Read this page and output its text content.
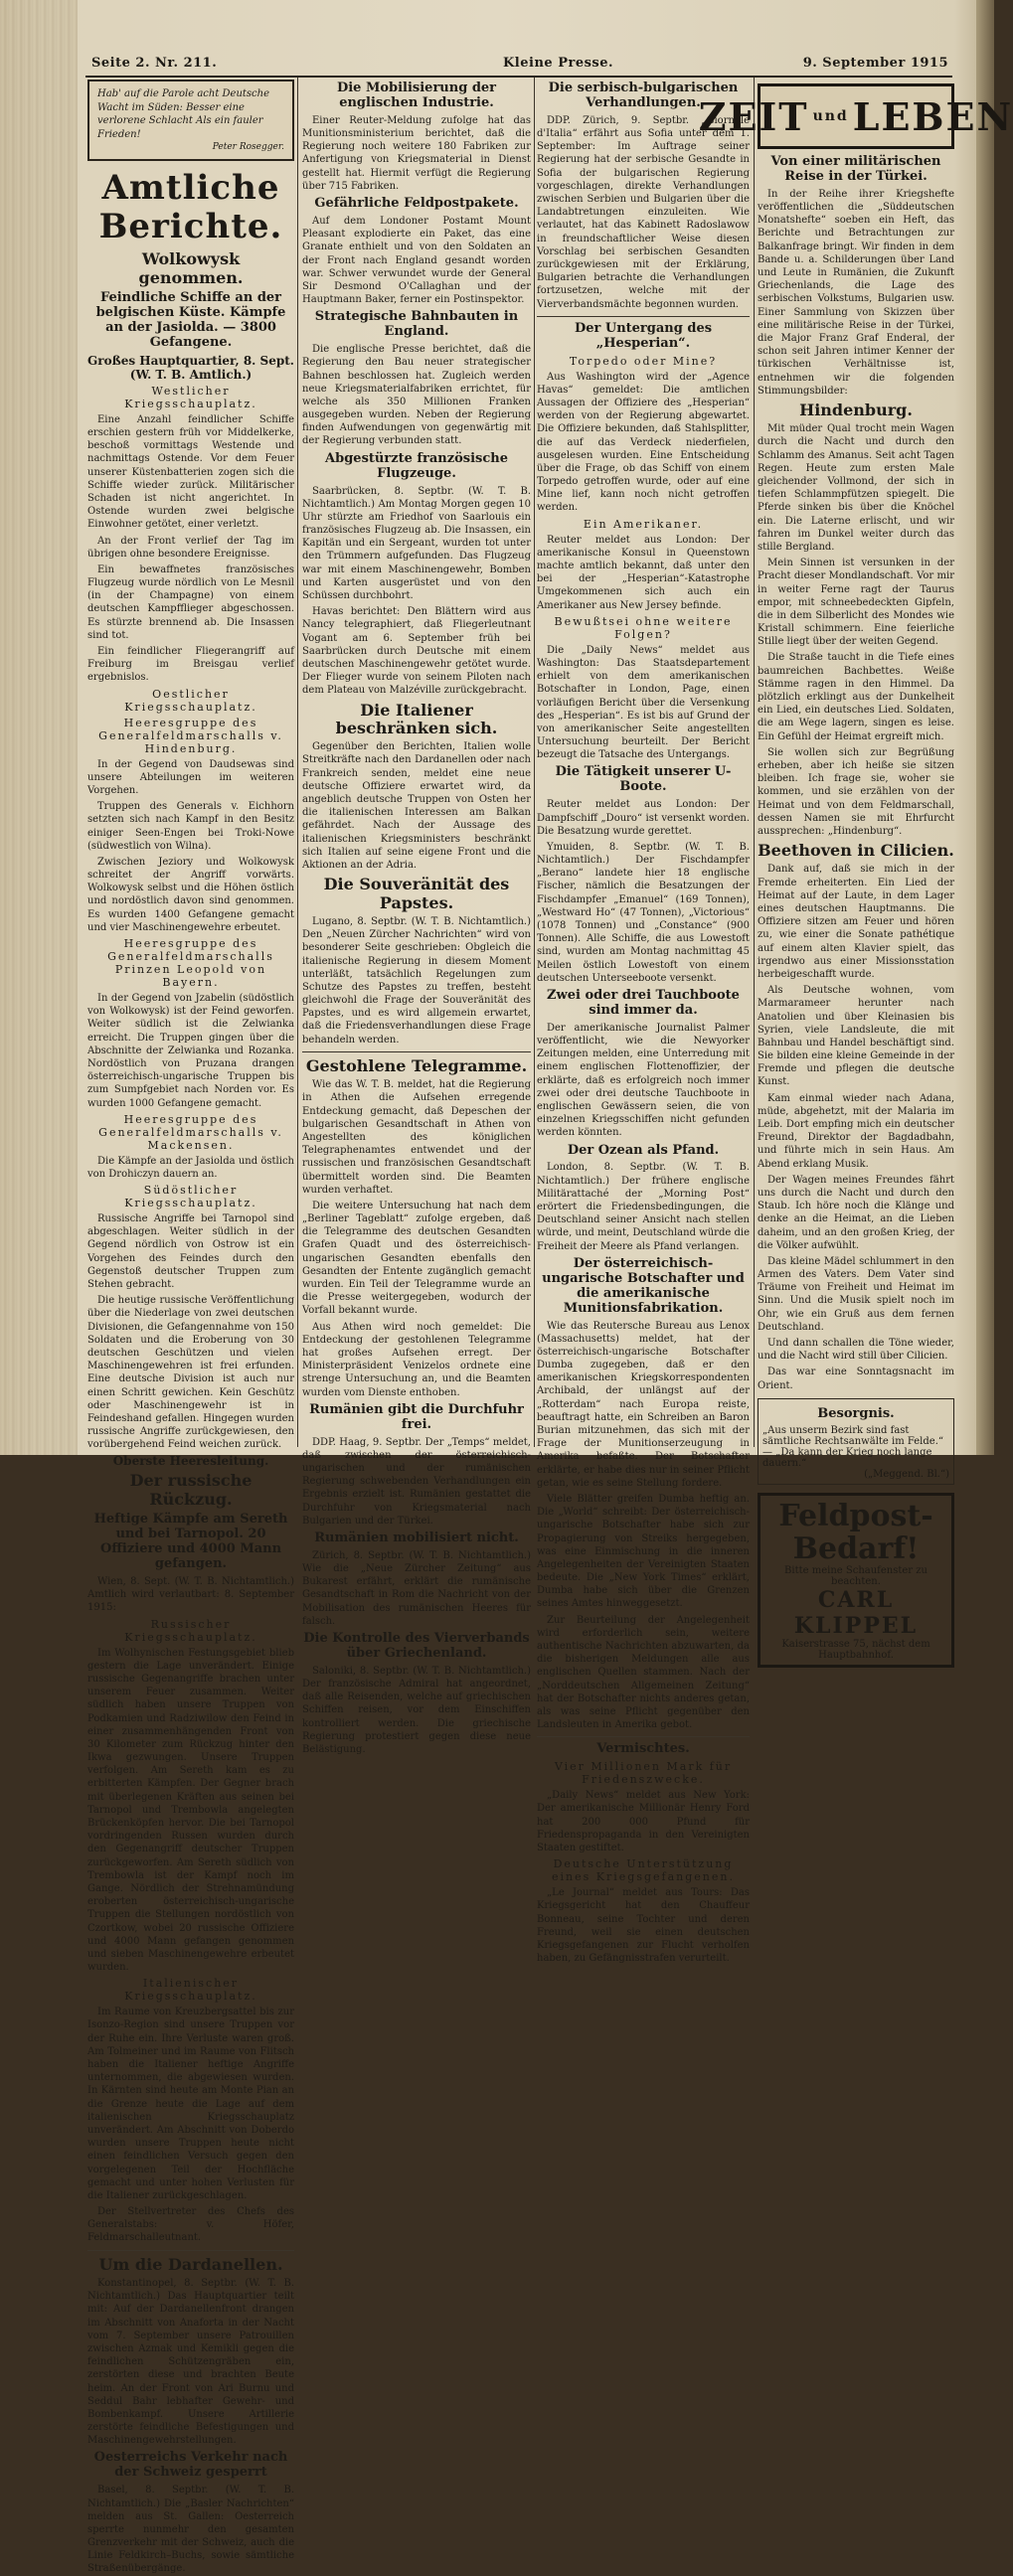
Seite 2. Nr. 211.	Kleine Presse.	9. September 1915
Hab' auf die Parole acht Deutsche Wacht im Süden: Besser eine verlorene Schlacht Als ein fauler Frieden!
Peter Rosegger.
Amtliche Berichte.
Wolkowysk genommen.
Feindliche Schiffe an der belgischen Küste. Kämpfe an der Jasiolda. — 3800 Gefangene.
Großes Hauptquartier, 8. Sept. (W. T. B. Amtlich.)
Westlicher Kriegsschauplatz.

Eine Anzahl feindlicher Schiffe erschien gestern früh vor Middelkerke, beschoß vormittags Westende und nachmittags Ostende. Vor dem Feuer unserer Küstenbatterien zogen sich die Schiffe wieder zurück. Militärischer Schaden ist nicht angerichtet. In Ostende wurden zwei belgische Einwohner getötet, einer verletzt.

An der Front verlief der Tag im übrigen ohne besondere Ereignisse.

Ein bewaffnetes französisches Flugzeug wurde nördlich von Le Mesnil (in der Champagne) von einem deutschen Kampfflieger abgeschossen. Es stürzte brennend ab. Die Insassen sind tot.

Ein feindlicher Fliegerangriff auf Freiburg im Breisgau verlief ergebnislos.

Oestlicher Kriegsschauplatz.
Heeresgruppe des Generalfeldmarschalls v. Hindenburg.

In der Gegend von Daudsewas sind unsere Abteilungen im weiteren Vorgehen.

Truppen des Generals v. Eichhorn setzten sich nach Kampf in den Besitz einiger Seen-Engen bei Troki-Nowe (südwestlich von Wilna).

Zwischen Jeziory und Wolkowysk schreitet der Angriff vorwärts. Wolkowysk selbst und die Höhen östlich und nordöstlich davon sind genommen. Es wurden 1400 Gefangene gemacht und vier Maschinengewehre erbeutet.

Heeresgruppe des Generalfeldmarschalls Prinzen Leopold von Bayern.

In der Gegend von Jzabelin (südöstlich von Wolkowysk) ist der Feind geworfen. Weiter südlich ist die Zelwianka erreicht. Die Truppen gingen über die Abschnitte der Zelwianka und Rozanka. Nordöstlich von Pruzana drangen österreichisch-ungarische Truppen bis zum Sumpfgebiet nach Norden vor. Es wurden 1000 Gefangene gemacht.

Heeresgruppe des Generalfeldmarschalls v. Mackensen.

Die Kämpfe an der Jasiolda und östlich von Drohiczyn dauern an.

Südöstlicher Kriegsschauplatz.

Russische Angriffe bei Tarnopol sind abgeschlagen. Weiter südlich in der Gegend nördlich von Ostrow ist ein Vorgehen des Feindes durch den Gegenstoß deutscher Truppen zum Stehen gebracht.

Die heutige russische Veröffentlichung über die Niederlage von zwei deutschen Divisionen, die Gefangennahme von 150 Soldaten und die Eroberung von 30 deutschen Geschützen und vielen Maschinengewehren ist frei erfunden. Eine deutsche Division ist auch nur einen Schritt gewichen. Kein Geschütz oder Maschinengewehr ist in Feindeshand gefallen. Hingegen wurden russische Angriffe zurückgewiesen, den vorübergehend Feind weichen zurück.

Oberste Heeresleitung.
Der russische Rückzug.
Heftige Kämpfe am Sereth und bei Tarnopol. 20 Offiziere und 4000 Mann gefangen.

Wien, 8. Sept. (W. T. B. Nichtamtlich.) Amtlich wird verlautbart: 8. September 1915:

Russischer Kriegsschauplatz.

Im Wolhynischen Festungsgebiet blieb gestern die Lage unverändert. Einige russische Gegenangriffe brachen unter unserem Feuer zusammen. Weiter südlich haben unsere Truppen von Podkamien und Radziwilow den Feind in einer zusammenhängenden Front von 30 Kilometer zum Rückzug hinter den Ikwa gezwungen. Unsere Truppen verfolgen. Am Sereth kam es zu erbitterten Kämpfen. Der Gegner brach mit überlegenen Kräften aus seinen bei Tarnopol und Trembowla angelegten Brückenköpfen hervor. Die bei Tarnopol vordringenden Russen wurden durch den Gegenangriff deutscher Truppen zurückgeworfen. Am Sereth südlich von Trembowla ist der Kampf noch im Gange. Nördlich der Strehnamündung eroberten österreichisch-ungarische Truppen die Stellungen nordöstlich von Czortkow, wobei 20 russische Offiziere und 4000 Mann gefangen genommen und sieben Maschinengewehre erbeutet wurden.

Italienischer Kriegsschauplatz.

Im Raume von Kreuzbergsattel bis zur Isonzo-Region sind unsere Truppen vor der Ruhe ein. Ihre Verluste waren groß. Am Tolmeiner und im Raume von Flitsch haben die Italiener heftige Angriffe unternommen, die abgewiesen wurden. In Kärnten sind heute am Monte Pian an die Grenze heute die Lage auf dem italienischen Kriegsschauplatz unverändert. Am Abschnitt von Doberdo wurden unsere Truppen heute nicht einen feindlichen Versuch gegen den vorgelegenen Teil der Hochfläche gemacht und unter hohen Verlusten für die Italiener zurückgeschlagen.

Der Stellvertreter des Chefs des Generalstabs: v. Höfer, Feldmarschalleutnant.

Um die Dardanellen.

Konstantinopel, 8. Septbr. (W. T. B. Nichtamtlich.) Das Hauptquartier teilt mit: Auf der Dardanellenfront drangen im Abschnitt von Anaforta in der Nacht vom 7. September unsere Patrouillen zwischen Azmak und Kemikli gegen die feindlichen Schützengräben ein, zerstörten diese und brachten Beute heim. An der Front von Ari Burnu und Seddul Bahr lebhafter Gewehr- und Bombenkampf. Unsere Artillerie zerstörte feindliche Befestigungen und Maschinengewehrstellungen.

Oesterreichs Verkehr nach der Schweiz gesperrt

Basel, 8. Septbr. (W. T. B. Nichtamtlich.) Die „Basler Nachrichten“ melden aus St. Gallen: Oesterreich sperrte nunmehr den gesamten Grenzverkehr mit der Schweiz, auch die Linie Feldkirch–Buchs, sowie sämtliche Straßenübergänge.

Die Mobilisierung der englischen Industrie.

Einer Reuter-Meldung zufolge hat das Munitionsministerium berichtet, daß die Regierung noch weitere 180 Fabriken zur Anfertigung von Kriegsmaterial in Dienst gestellt hat. Hiermit verfügt die Regierung über 715 Fabriken.

Gefährliche Feldpostpakete.

Auf dem Londoner Postamt Mount Pleasant explodierte ein Paket, das eine Granate enthielt und von den Soldaten an der Front nach England gesandt worden war. Schwer verwundet wurde der General Sir Desmond O'Callaghan und der Hauptmann Baker, ferner ein Postinspektor.

Strategische Bahnbauten in England.

Die englische Presse berichtet, daß die Regierung den Bau neuer strategischer Bahnen beschlossen hat. Zugleich werden neue Kriegsmaterialfabriken errichtet, für welche als 350 Millionen Franken ausgegeben wurden. Neben der Regierung finden Aufwendungen von gegenwärtig mit der Regierung verbunden statt.

Abgestürzte französische Flugzeuge.

Saarbrücken, 8. Septbr. (W. T. B. Nichtamtlich.) Am Montag Morgen gegen 10 Uhr stürzte am Friedhof von Saarlouis ein französisches Flugzeug ab. Die Insassen, ein Kapitän und ein Sergeant, wurden tot unter den Trümmern aufgefunden. Das Flugzeug war mit einem Maschinengewehr, Bomben und Karten ausgerüstet und von den Schüssen durchbohrt.

Havas berichtet: Den Blättern wird aus Nancy telegraphiert, daß Fliegerleutnant Vogant am 6. September früh bei Saarbrücken durch Deutsche mit einem deutschen Maschinengewehr getötet wurde. Der Flieger wurde von seinem Piloten nach dem Plateau von Malzéville zurückgebracht.

Die Italiener beschränken sich.

Gegenüber den Berichten, Italien wolle Streitkräfte nach den Dardanellen oder nach Frankreich senden, meldet eine neue deutsche Offiziere erwartet wird, da angeblich deutsche Truppen von Osten her die italienischen Interessen am Balkan gefährdet. Nach der Aussage des italienischen Kriegsministers beschränkt sich Italien auf seine eigene Front und die Aktionen an der Adria.

Die Souveränität des Papstes.

Lugano, 8. Septbr. (W. T. B. Nichtamtlich.) Den „Neuen Zürcher Nachrichten“ wird von besonderer Seite geschrieben: Obgleich die italienische Regierung in diesem Moment unterläßt, tatsächlich Regelungen zum Schutze des Papstes zu treffen, besteht gleichwohl die Frage der Souveränität des Papstes, und es wird allgemein erwartet, daß die Friedensverhandlungen diese Frage behandeln werden.

Gestohlene Telegramme.

Wie das W. T. B. meldet, hat die Regierung in Athen die Aufsehen erregende Entdeckung gemacht, daß Depeschen der bulgarischen Gesandtschaft in Athen von Angestellten des königlichen Telegraphenamtes entwendet und der russischen und französischen Gesandtschaft übermittelt worden sind. Die Beamten wurden verhaftet.

Die weitere Untersuchung hat nach dem „Berliner Tageblatt“ zufolge ergeben, daß die Telegramme des deutschen Gesandten Grafen Quadt und des österreichisch-ungarischen Gesandten ebenfalls den Gesandten der Entente zugänglich gemacht wurden. Ein Teil der Telegramme wurde an die Presse weitergegeben, wodurch der Vorfall bekannt wurde.

Aus Athen wird noch gemeldet: Die Entdeckung der gestohlenen Telegramme hat großes Aufsehen erregt. Der Ministerpräsident Venizelos ordnete eine strenge Untersuchung an, und die Beamten wurden vom Dienste enthoben.

Rumänien gibt die Durchfuhr frei.

DDP. Haag, 9. Septbr. Der „Temps“ meldet, daß zwischen der österreichisch-ungarischen und der rumänischen Regierung schwebenden Verhandlungen ein Ergebnis erzielt ist. Rumänien gestattet die Durchfuhr von Kriegsmaterial nach Bulgarien und der Türkei.

Rumänien mobilisiert nicht.

Zürich, 8. Septbr. (W. T. B. Nichtamtlich.) Wie die „Neue Zürcher Zeitung“ aus Bukarest erfährt, erklärt die rumänische Gesandtschaft in Rom die Nachricht von der Mobilisation des rumänischen Heeres für falsch.

Die Kontrolle des Vierverbands über Griechenland.

Saloniki, 8. Septbr. (W. T. B. Nichtamtlich.) Der französische Admiral hat angeordnet, daß alle Reisenden, welche auf griechischen Schiffen reisen, vor dem Einschiffen kontrolliert werden. Die griechische Regierung protestiert gegen diese neue Belästigung.

Die serbisch-bulgarischen Verhandlungen.

DDP. Zürich, 9. Septbr. „Giornale d'Italia“ erfährt aus Sofia unter dem 1. September: Im Auftrage seiner Regierung hat der serbische Gesandte in Sofia der bulgarischen Regierung vorgeschlagen, direkte Verhandlungen zwischen Serbien und Bulgarien über die Landabtretungen einzuleiten. Wie verlautet, hat das Kabinett Radoslawow in freundschaftlicher Weise diesen Vorschlag bei serbischen Gesandten zurückgewiesen mit der Erklärung, Bulgarien betrachte die Verhandlungen fortzusetzen, welche mit der Vierverbandsmächte begonnen wurden.

Der Untergang des „Hesperian“.
Torpedo oder Mine?

Aus Washington wird der „Agence Havas“ gemeldet: Die amtlichen Aussagen der Offiziere des „Hesperian“ werden von der Regierung abgewartet. Die Offiziere bekunden, daß Stahlsplitter, die auf das Verdeck niederfielen, ausgelesen wurden. Eine Entscheidung über die Frage, ob das Schiff von einem Torpedo getroffen wurde, oder auf eine Mine lief, kann noch nicht getroffen werden.

Ein Amerikaner.

Reuter meldet aus London: Der amerikanische Konsul in Queenstown machte amtlich bekannt, daß unter den bei der „Hesperian“-Katastrophe Umgekommenen sich auch ein Amerikaner aus New Jersey befinde.

Bewußtsei ohne weitere Folgen?

Die „Daily News“ meldet aus Washington: Das Staatsdepartement erhielt von dem amerikanischen Botschafter in London, Page, einen vorläufigen Bericht über die Versenkung des „Hesperian“. Es ist bis auf Grund der von amerikanischer Seite angestellten Untersuchung beurteilt. Der Bericht bezeugt die Tatsache des Untergangs.

Die Tätigkeit unserer U-Boote.

Reuter meldet aus London: Der Dampfschiff „Douro“ ist versenkt worden. Die Besatzung wurde gerettet.

Ymuiden, 8. Septbr. (W. T. B. Nichtamtlich.) Der Fischdampfer „Berano“ landete hier 18 englische Fischer, nämlich die Besatzungen der Fischdampfer „Emanuel“ (169 Tonnen), „Westward Ho“ (47 Tonnen), „Victorious“ (1078 Tonnen) und „Constance“ (900 Tonnen). Alle Schiffe, die aus Lowestoft sind, wurden am Montag nachmittag 45 Meilen östlich Lowestoft von einem deutschen Unterseeboote versenkt.

Zwei oder drei Tauchboote sind immer da.

Der amerikanische Journalist Palmer veröffentlicht, wie die Newyorker Zeitungen melden, eine Unterredung mit einem englischen Flottenoffizier, der erklärte, daß es erfolgreich noch immer zwei oder drei deutsche Tauchboote in englischen Gewässern seien, die von einzelnen Kriegsschiffen nicht gefunden werden könnten.

Der Ozean als Pfand.

London, 8. Septbr. (W. T. B. Nichtamtlich.) Der frühere englische Militärattaché der „Morning Post“ erörtert die Friedensbedingungen, die Deutschland seiner Ansicht nach stellen würde, und meint, Deutschland würde die Freiheit der Meere als Pfand verlangen.

Der österreichisch-ungarische Botschafter und die amerikanische Munitionsfabrikation.

Wie das Reutersche Bureau aus Lenox (Massachusetts) meldet, hat der österreichisch-ungarische Botschafter Dumba zugegeben, daß er den amerikanischen Kriegskorrespondenten Archibald, der unlängst auf der „Rotterdam“ nach Europa reiste, beauftragt hatte, ein Schreiben an Baron Burian mitzunehmen, das sich mit der Frage der Munitionserzeugung in Amerika befaßte. Der Botschafter erklärte, er habe dies nur in seiner Pflicht getan, wie es seine Stellung fordere.

Viele Blätter greifen Dumba heftig an. Die „World“ schreibt: Der österreichisch-ungarische Botschafter habe sich zur Propagierung von Streiks hergegeben, was eine Einmischung in die inneren Angelegenheiten der Vereinigten Staaten bedeute. Die „New York Times“ erklärt, Dumba habe sich über die Grenzen seines Amtes hinweggesetzt.

Zur Beurteilung der Angelegenheit wird erforderlich sein, weitere authentische Nachrichten abzuwarten, da die bisherigen Meldungen alle aus englischen Quellen stammen. Nach der „Norddeutschen Allgemeinen Zeitung“ hat der Botschafter nichts anderes getan, als was seine Pflicht gegenüber den Landsleuten in Amerika gebot.

Vermischtes.
Vier Millionen Mark für Friedenszwecke.

„Daily News“ meldet aus New York: Der amerikanische Millionär Henry Ford hat 200 000 Pfund für Friedenspropaganda in den Vereinigten Staaten gestiftet.

Deutsche Unterstützung eines Kriegsgefangenen.

„Le Journal“ meldet aus Tours: Das Kriegsgericht hat den Chauffeur Bonneau, seine Tochter und deren Freund, weil sie einen deutschen Kriegsgefangenen zur Flucht verholfen haben, zu Gefängnisstrafen verurteilt.

ZEIT und LEBEN
Von einer militärischen Reise in der Türkei.

In der Reihe ihrer Kriegshefte veröffentlichen die „Süddeutschen Monatshefte“ soeben ein Heft, das Berichte und Betrachtungen zur Balkanfrage bringt. Wir finden in dem Bande u. a. Schilderungen über Land und Leute in Rumänien, die Zukunft Griechenlands, die Lage des serbischen Volkstums, Bulgarien usw. Einer Sammlung von Skizzen über eine militärische Reise in der Türkei, die Major Franz Graf Enderal, der schon seit Jahren intimer Kenner der türkischen Verhältnisse ist, entnehmen wir die folgenden Stimmungsbilder:

Hindenburg.

Mit müder Qual trocht mein Wagen durch die Nacht und durch den Schlamm des Amanus. Seit acht Tagen Regen. Heute zum ersten Male gleichender Vollmond, der sich in tiefen Schlammpfützen spiegelt. Die Pferde sinken bis über die Knöchel ein. Die Laterne erlischt, und wir fahren im Dunkel weiter durch das stille Bergland.

Mein Sinnen ist versunken in der Pracht dieser Mondlandschaft. Vor mir in weiter Ferne ragt der Taurus empor, mit schneebedeckten Gipfeln, die in dem Silberlicht des Mondes wie Kristall schimmern. Eine feierliche Stille liegt über der weiten Gegend.

Die Straße taucht in die Tiefe eines baumreichen Bachbettes. Weiße Stämme ragen in den Himmel. Da plötzlich erklingt aus der Dunkelheit ein Lied, ein deutsches Lied. Soldaten, die am Wege lagern, singen es leise. Ein Gefühl der Heimat ergreift mich.

Sie wollen sich zur Begrüßung erheben, aber ich heiße sie sitzen bleiben. Ich frage sie, woher sie kommen, und sie erzählen von der Heimat und von dem Feldmarschall, dessen Namen sie mit Ehrfurcht aussprechen: „Hindenburg“.

Beethoven in Cilicien.

Dank auf, daß sie mich in der Fremde erheiterten. Ein Lied der Heimat auf der Laute, in dem Lager eines deutschen Hauptmanns. Die Offiziere sitzen am Feuer und hören zu, wie einer die Sonate pathétique auf einem alten Klavier spielt, das irgendwo aus einer Missionsstation herbeigeschafft wurde.

Als Deutsche wohnen, vom Marmarameer herunter nach Anatolien und über Kleinasien bis Syrien, viele Landsleute, die mit Bahnbau und Handel beschäftigt sind. Sie bilden eine kleine Gemeinde in der Fremde und pflegen die deutsche Kunst.

Kam einmal wieder nach Adana, müde, abgehetzt, mit der Malaria im Leib. Dort empfing mich ein deutscher Freund, Direktor der Bagdadbahn, und führte mich in sein Haus. Am Abend erklang Musik.

Der Wagen meines Freundes fährt uns durch die Nacht und durch den Staub. Ich höre noch die Klänge und denke an die Heimat, an die Lieben daheim, und an den großen Krieg, der die Völker aufwühlt.

Das kleine Mädel schlummert in den Armen des Vaters. Dem Vater sind Träume von Freiheit und Heimat im Sinn. Und die Musik spielt noch im Ohr, wie ein Gruß aus dem fernen Deutschland.

Und dann schallen die Töne wieder, und die Nacht wird still über Cilicien.

Das war eine Sonntagsnacht im Orient.

Besorgnis.
„Aus unserm Bezirk sind fast sämtliche Rechtsanwälte im Felde.“ — „Da kann der Krieg noch lange dauern.“
(„Meggend. Bl.“)
Feldpost-Bedarf!
Bitte meine Schaufenster zu beachten.
CARL KLIPPEL
Kaiserstrasse 75, nächst dem Hauptbahnhof.
